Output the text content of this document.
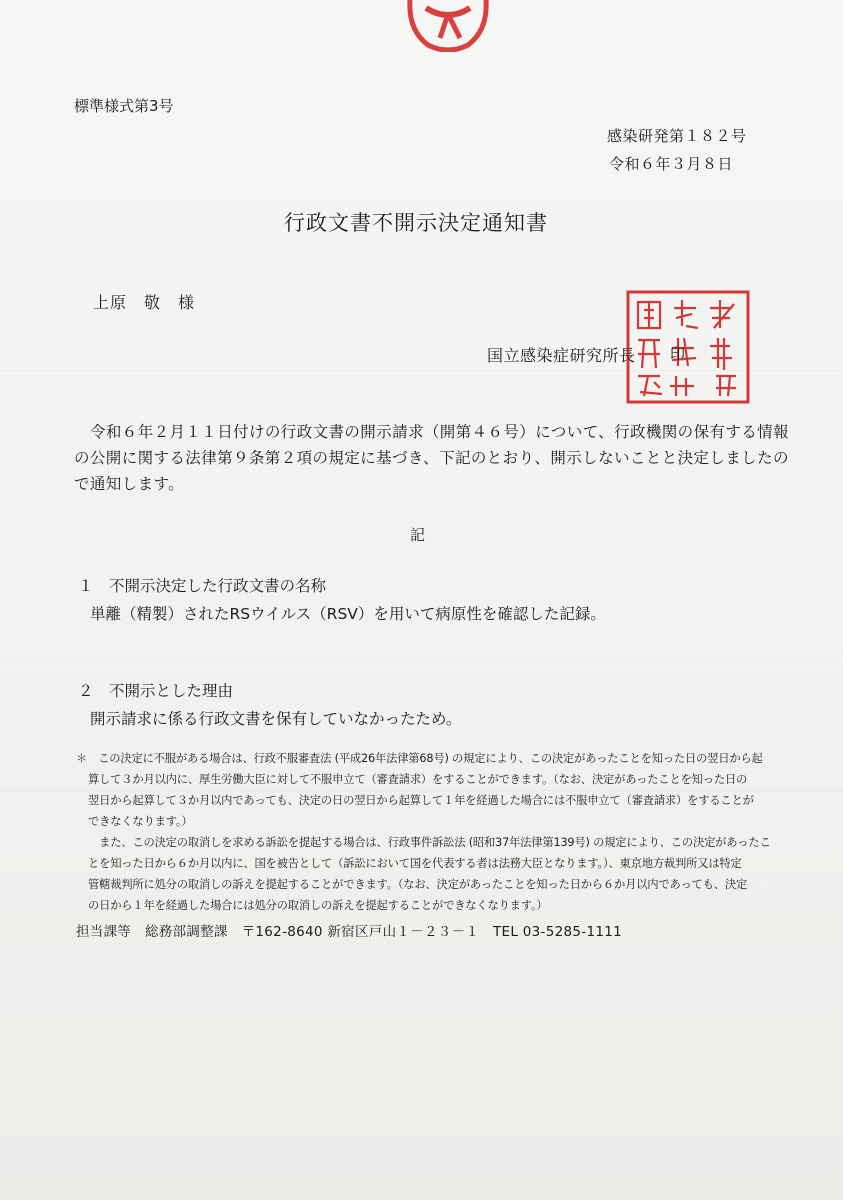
標準様式第3号
感染研発第１８２号
令和６年３月８日
行政文書不開示決定通知書
上原　敬　様
国立感染症研究所長 印
令和６年２月１１日付けの行政文書の開示請求（開第４６号）について、行政機関の保有する情報
の公開に関する法律第９条第２項の規定に基づき、下記のとおり、開示しないことと決定しましたの
で通知します。
記
１　不開示決定した行政文書の名称
単離（精製）されたRSウイルス（RSV）を用いて病原性を確認した記録。
２　不開示とした理由
開示請求に係る行政文書を保有していなかったため。
＊　この決定に不服がある場合は、行政不服審査法 (平成26年法律第68号) の規定により、この決定があったことを知った日の翌日から起
算して３か月以内に、厚生労働大臣に対して不服申立て（審査請求）をすることができます。（なお、決定があったことを知った日の
翌日から起算して３か月以内であっても、決定の日の翌日から起算して１年を経過した場合には不服申立て（審査請求）をすることが
できなくなります。）
　また、この決定の取消しを求める訴訟を提起する場合は、行政事件訴訟法 (昭和37年法律第139号) の規定により、この決定があったこ
とを知った日から６か月以内に、国を被告として（訴訟において国を代表する者は法務大臣となります。）、東京地方裁判所又は特定
管轄裁判所に処分の取消しの訴えを提起することができます。（なお、決定があったことを知った日から６か月以内であっても、決定
の日から１年を経過した場合には処分の取消しの訴えを提起することができなくなります。）
担当課等　総務部調整課　〒162-8640 新宿区戸山１－２３－１　TEL 03-5285-1111
